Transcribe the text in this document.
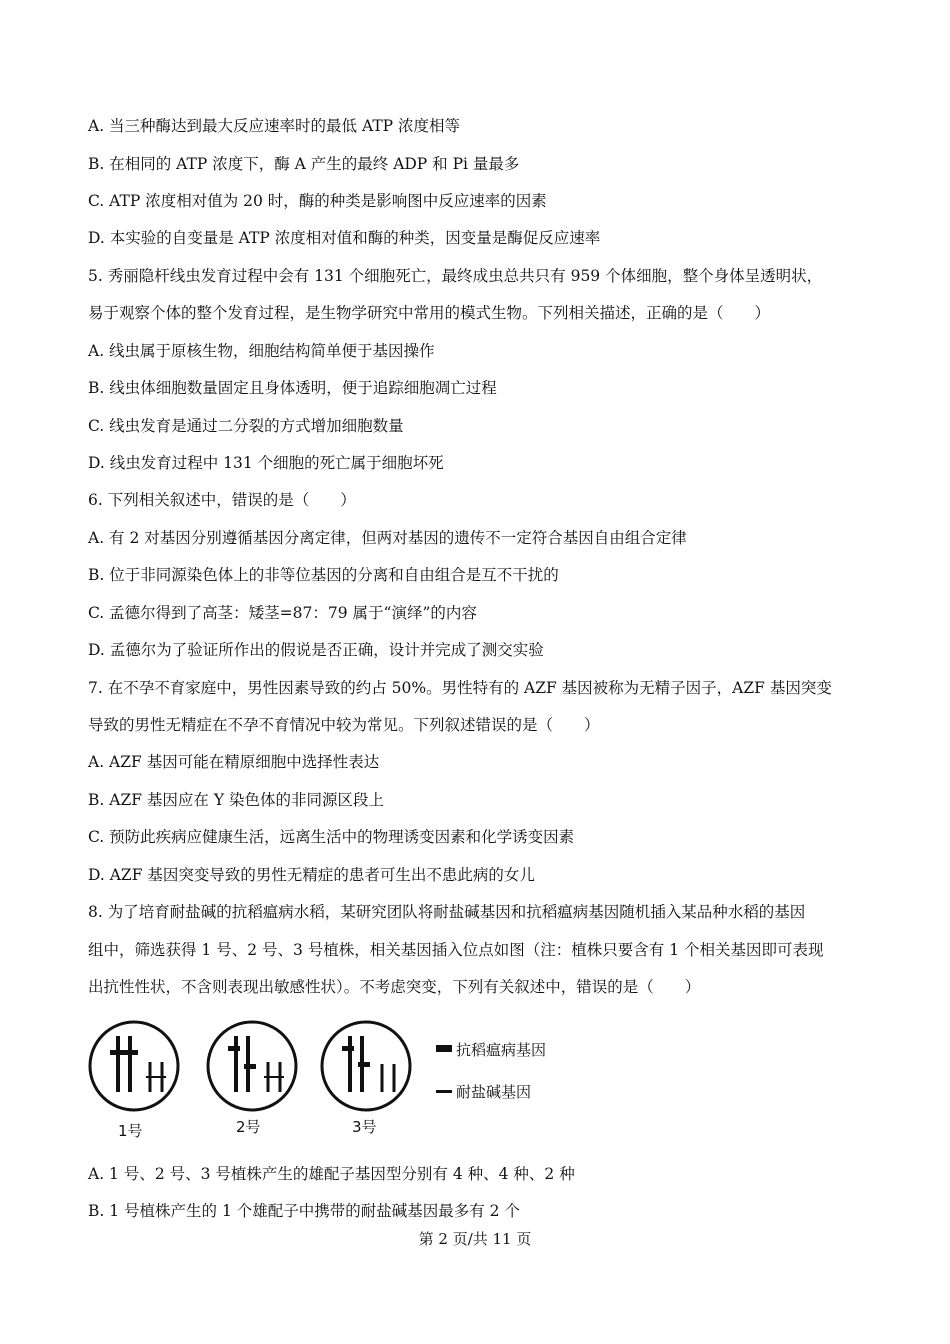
A. 当三种酶达到最大反应速率时的最低 ATP 浓度相等
B. 在相同的 ATP 浓度下，酶 A 产生的最终 ADP 和 Pi 量最多
C. ATP 浓度相对值为 20 时，酶的种类是影响图中反应速率的因素
D. 本实验的自变量是 ATP 浓度相对值和酶的种类，因变量是酶促反应速率
5. 秀丽隐杆线虫发育过程中会有 131 个细胞死亡，最终成虫总共只有 959 个体细胞，整个身体呈透明状，
易于观察个体的整个发育过程，是生物学研究中常用的模式生物。下列相关描述，正确的是（　　）
A. 线虫属于原核生物，细胞结构简单便于基因操作
B. 线虫体细胞数量固定且身体透明，便于追踪细胞凋亡过程
C. 线虫发育是通过二分裂的方式增加细胞数量
D. 线虫发育过程中 131 个细胞的死亡属于细胞坏死
6. 下列相关叙述中，错误的是（　　）
A. 有 2 对基因分别遵循基因分离定律，但两对基因的遗传不一定符合基因自由组合定律
B. 位于非同源染色体上的非等位基因的分离和自由组合是互不干扰的
C. 孟德尔得到了高茎：矮茎=87：79 属于“演绎”的内容
D. 孟德尔为了验证所作出的假说是否正确，设计并完成了测交实验
7. 在不孕不育家庭中，男性因素导致的约占 50%。男性特有的 AZF 基因被称为无精子因子，AZF 基因突变
导致的男性无精症在不孕不育情况中较为常见。下列叙述错误的是（　　）
A. AZF 基因可能在精原细胞中选择性表达
B. AZF 基因应在 Y 染色体的非同源区段上
C. 预防此疾病应健康生活，远离生活中的物理诱变因素和化学诱变因素
D. AZF 基因突变导致的男性无精症的患者可生出不患此病的女儿
8. 为了培育耐盐碱的抗稻瘟病水稻，某研究团队将耐盐碱基因和抗稻瘟病基因随机插入某品种水稻的基因
组中，筛选获得 1 号、2 号、3 号植株，相关基因插入位点如图（注：植株只要含有 1 个相关基因即可表现
出抗性性状，不含则表现出敏感性状）。不考虑突变，下列有关叙述中，错误的是（　　）
1号	2号	3号
抗稻瘟病基因
耐盐碱基因
A. 1 号、2 号、3 号植株产生的雄配子基因型分别有 4 种、4 种、2 种
B. 1 号植株产生的 1 个雄配子中携带的耐盐碱基因最多有 2 个
第 2 页/共 11 页
